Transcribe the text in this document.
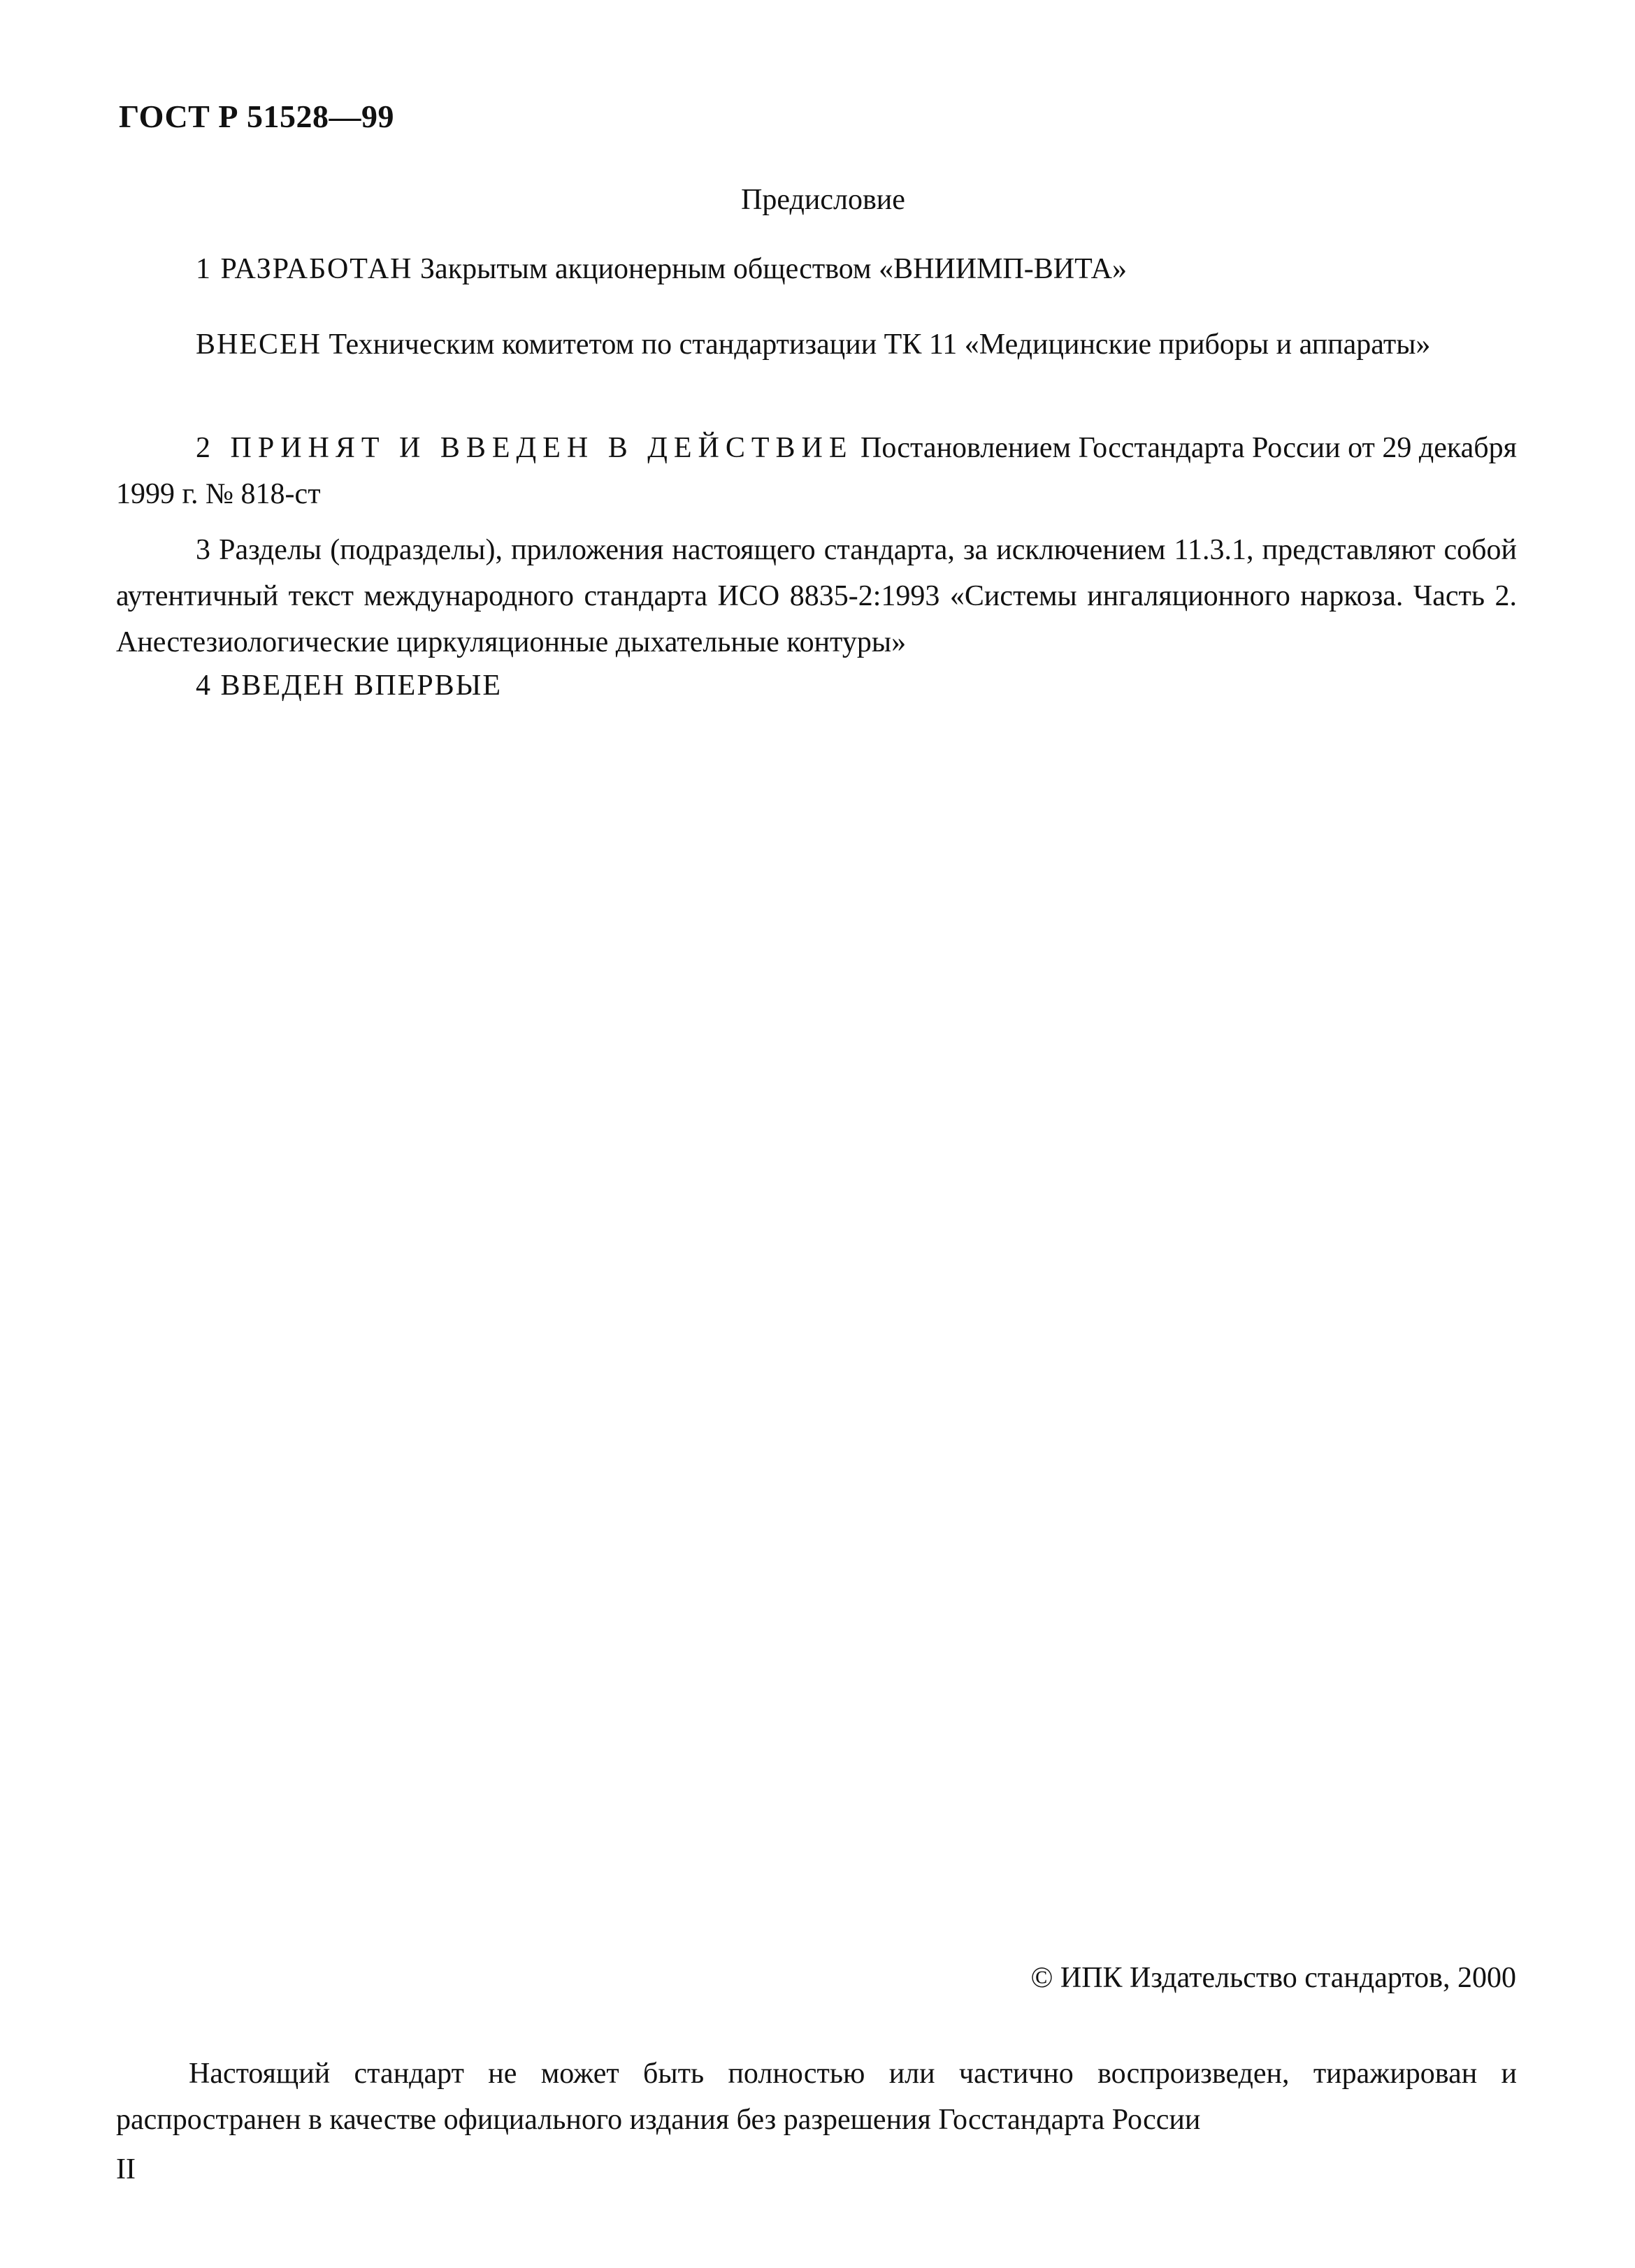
ГОСТ Р 51528—99
Предисловие
1 РАЗРАБОТАН Закрытым акционерным обществом «ВНИИМП-ВИТА»
ВНЕСЕН Техническим комитетом по стандартизации ТК 11 «Медицинские приборы и аппараты»
2 ПРИНЯТ И ВВЕДЕН В ДЕЙСТВИЕ Постановлением Госстандарта России от 29 декабря 1999 г. № 818-ст
3 Разделы (подразделы), приложения настоящего стандарта, за исключением 11.3.1, представляют собой аутентичный текст международного стандарта ИСО 8835-2:1993 «Системы ингаляционного наркоза. Часть 2. Анестезиологические циркуляционные дыхательные контуры»
4 ВВЕДЕН ВПЕРВЫЕ
© ИПК Издательство стандартов, 2000
Настоящий стандарт не может быть полностью или частично воспроизведен, тиражирован и распространен в качестве официального издания без разрешения Госстандарта России
II
